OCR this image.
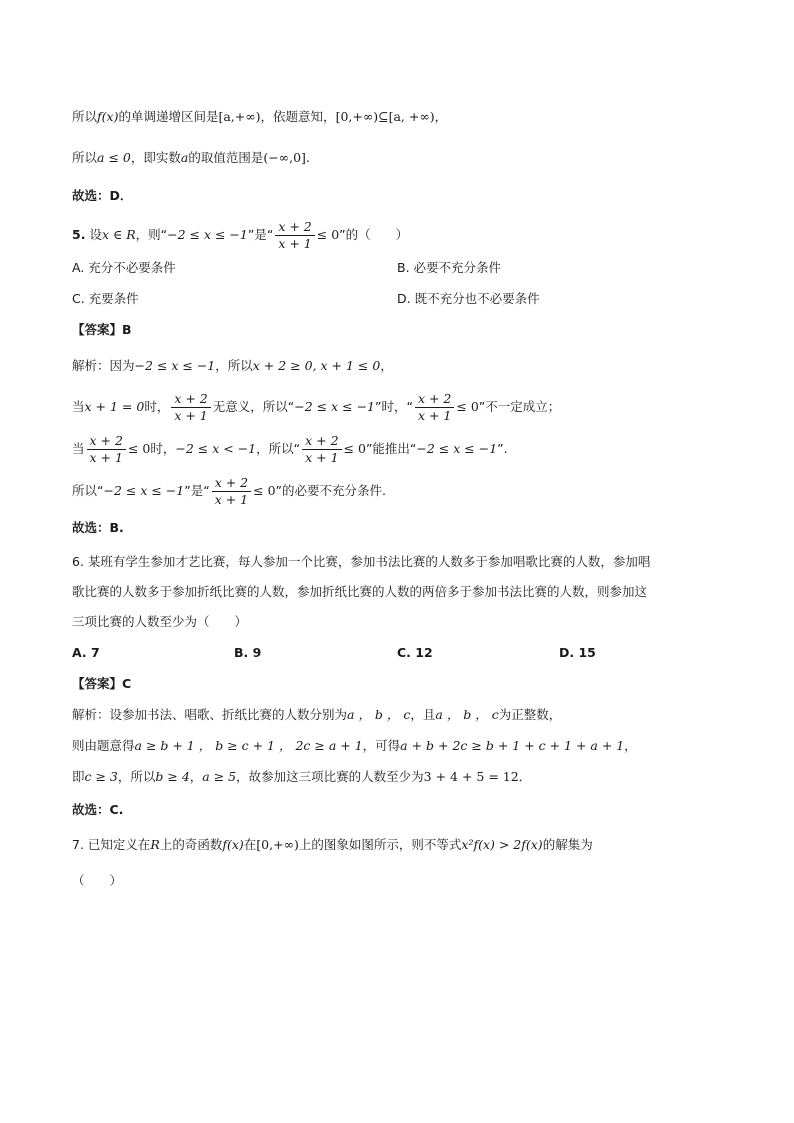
所以f(x)的单调递增区间是[a,+∞)，依题意知，[0,+∞)⊆[a, +∞)，
所以a ≤ 0，即实数a的取值范围是(−∞,0].
故选：D．
5. 设x ∈ R，则“−2 ≤ x ≤ −1”是“ $\frac{x + 2}{x + 1} \le 0$”的（　　）
A. 充分不必要条件	B. 必要不充分条件
C. 充要条件	D. 既不充分也不必要条件
【答案】B
解析：因为−2 ≤ x ≤ −1，所以x + 2 ≥ 0, x + 1 ≤ 0，
当x + 1 = 0时， $\frac{x + 2}{x + 1}$ 无意义，所以“−2 ≤ x ≤ −1”时，“ $\frac{x + 2}{x + 1} \le 0$”不一定成立；
当 $\frac{x + 2}{x + 1} \le 0$时，−2 ≤ x < −1，所以“ $\frac{x + 2}{x + 1} \le 0$”能推出“−2 ≤ x ≤ −1”.
所以“−2 ≤ x ≤ −1”是“ $\frac{x + 2}{x + 1} \le 0$”的必要不充分条件.
故选：B.
6. 某班有学生参加才艺比赛，每人参加一个比赛，参加书法比赛的人数多于参加唱歌比赛的人数，参加唱
歌比赛的人数多于参加折纸比赛的人数，参加折纸比赛的人数的两倍多于参加书法比赛的人数，则参加这
三项比赛的人数至少为（　　）
A. 7	B. 9	C. 12	D. 15
【答案】C
解析：设参加书法、唱歌、折纸比赛的人数分别为a ， b ， c，且a ， b ， c为正整数，
则由题意得a ≥ b + 1 ， b ≥ c + 1 ， 2c ≥ a + 1，可得a + b + 2c ≥ b + 1 + c + 1 + a + 1，
即c ≥ 3，所以b ≥ 4，a ≥ 5，故参加这三项比赛的人数至少为3 + 4 + 5 = 12．
故选：C.
7. 已知定义在R上的奇函数f(x)在[0,+∞)上的图象如图所示，则不等式x²f(x) > 2f(x)的解集为
（　　）
